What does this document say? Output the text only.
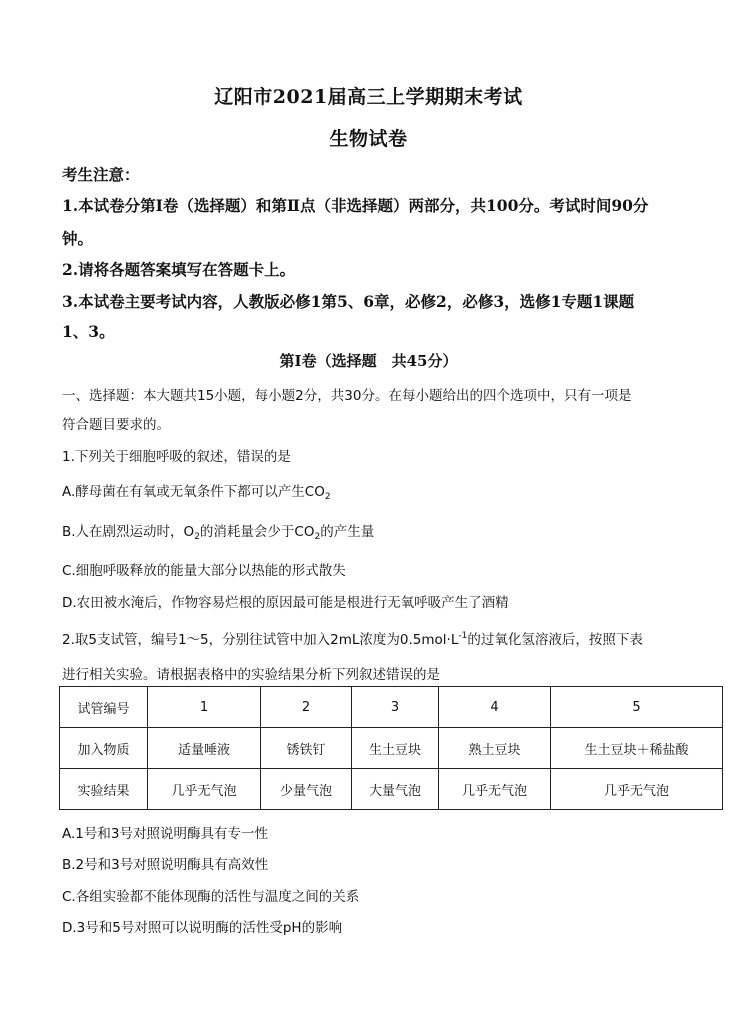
辽阳市2021届高三上学期期末考试
生物试卷
考生注意：
1.本试卷分第Ⅰ卷（选择题）和第Ⅱ点（非选择题）两部分，共100分。考试时间90分
钟。
2.请将各题答案填写在答题卡上。
3.本试卷主要考试内容，人教版必修1第5、6章，必修2，必修3，选修1专题1课题
1、3。
第Ⅰ卷（选择题　共45分）
一、选择题：本大题共15小题，每小题2分，共30分。在每小题给出的四个选项中，只有一项是
符合题目要求的。
1.下列关于细胞呼吸的叙述，错误的是
A.酵母菌在有氧或无氧条件下都可以产生$CO_2$
B.人在剧烈运动时，$O_2$的消耗量会少于$CO_2$的产生量
C.细胞呼吸释放的能量大部分以热能的形式散失
D.农田被水淹后，作物容易烂根的原因最可能是根进行无氧呼吸产生了酒精
2.取5支试管，编号1～5，分别往试管中加入2mL浓度为$0.5mol\cdot L^{-1}$的过氧化氢溶液后，按照下表
进行相关实验。请根据表格中的实验结果分析下列叙述错误的是
试管编号	1	2	3	4	5
加入物质	适量唾液	锈铁钉	生土豆块	熟土豆块	生土豆块＋稀盐酸
实验结果	几乎无气泡	少量气泡	大量气泡	几乎无气泡	几乎无气泡
A.1号和3号对照说明酶具有专一性
B.2号和3号对照说明酶具有高效性
C.各组实验都不能体现酶的活性与温度之间的关系
D.3号和5号对照可以说明酶的活性受pH的影响
